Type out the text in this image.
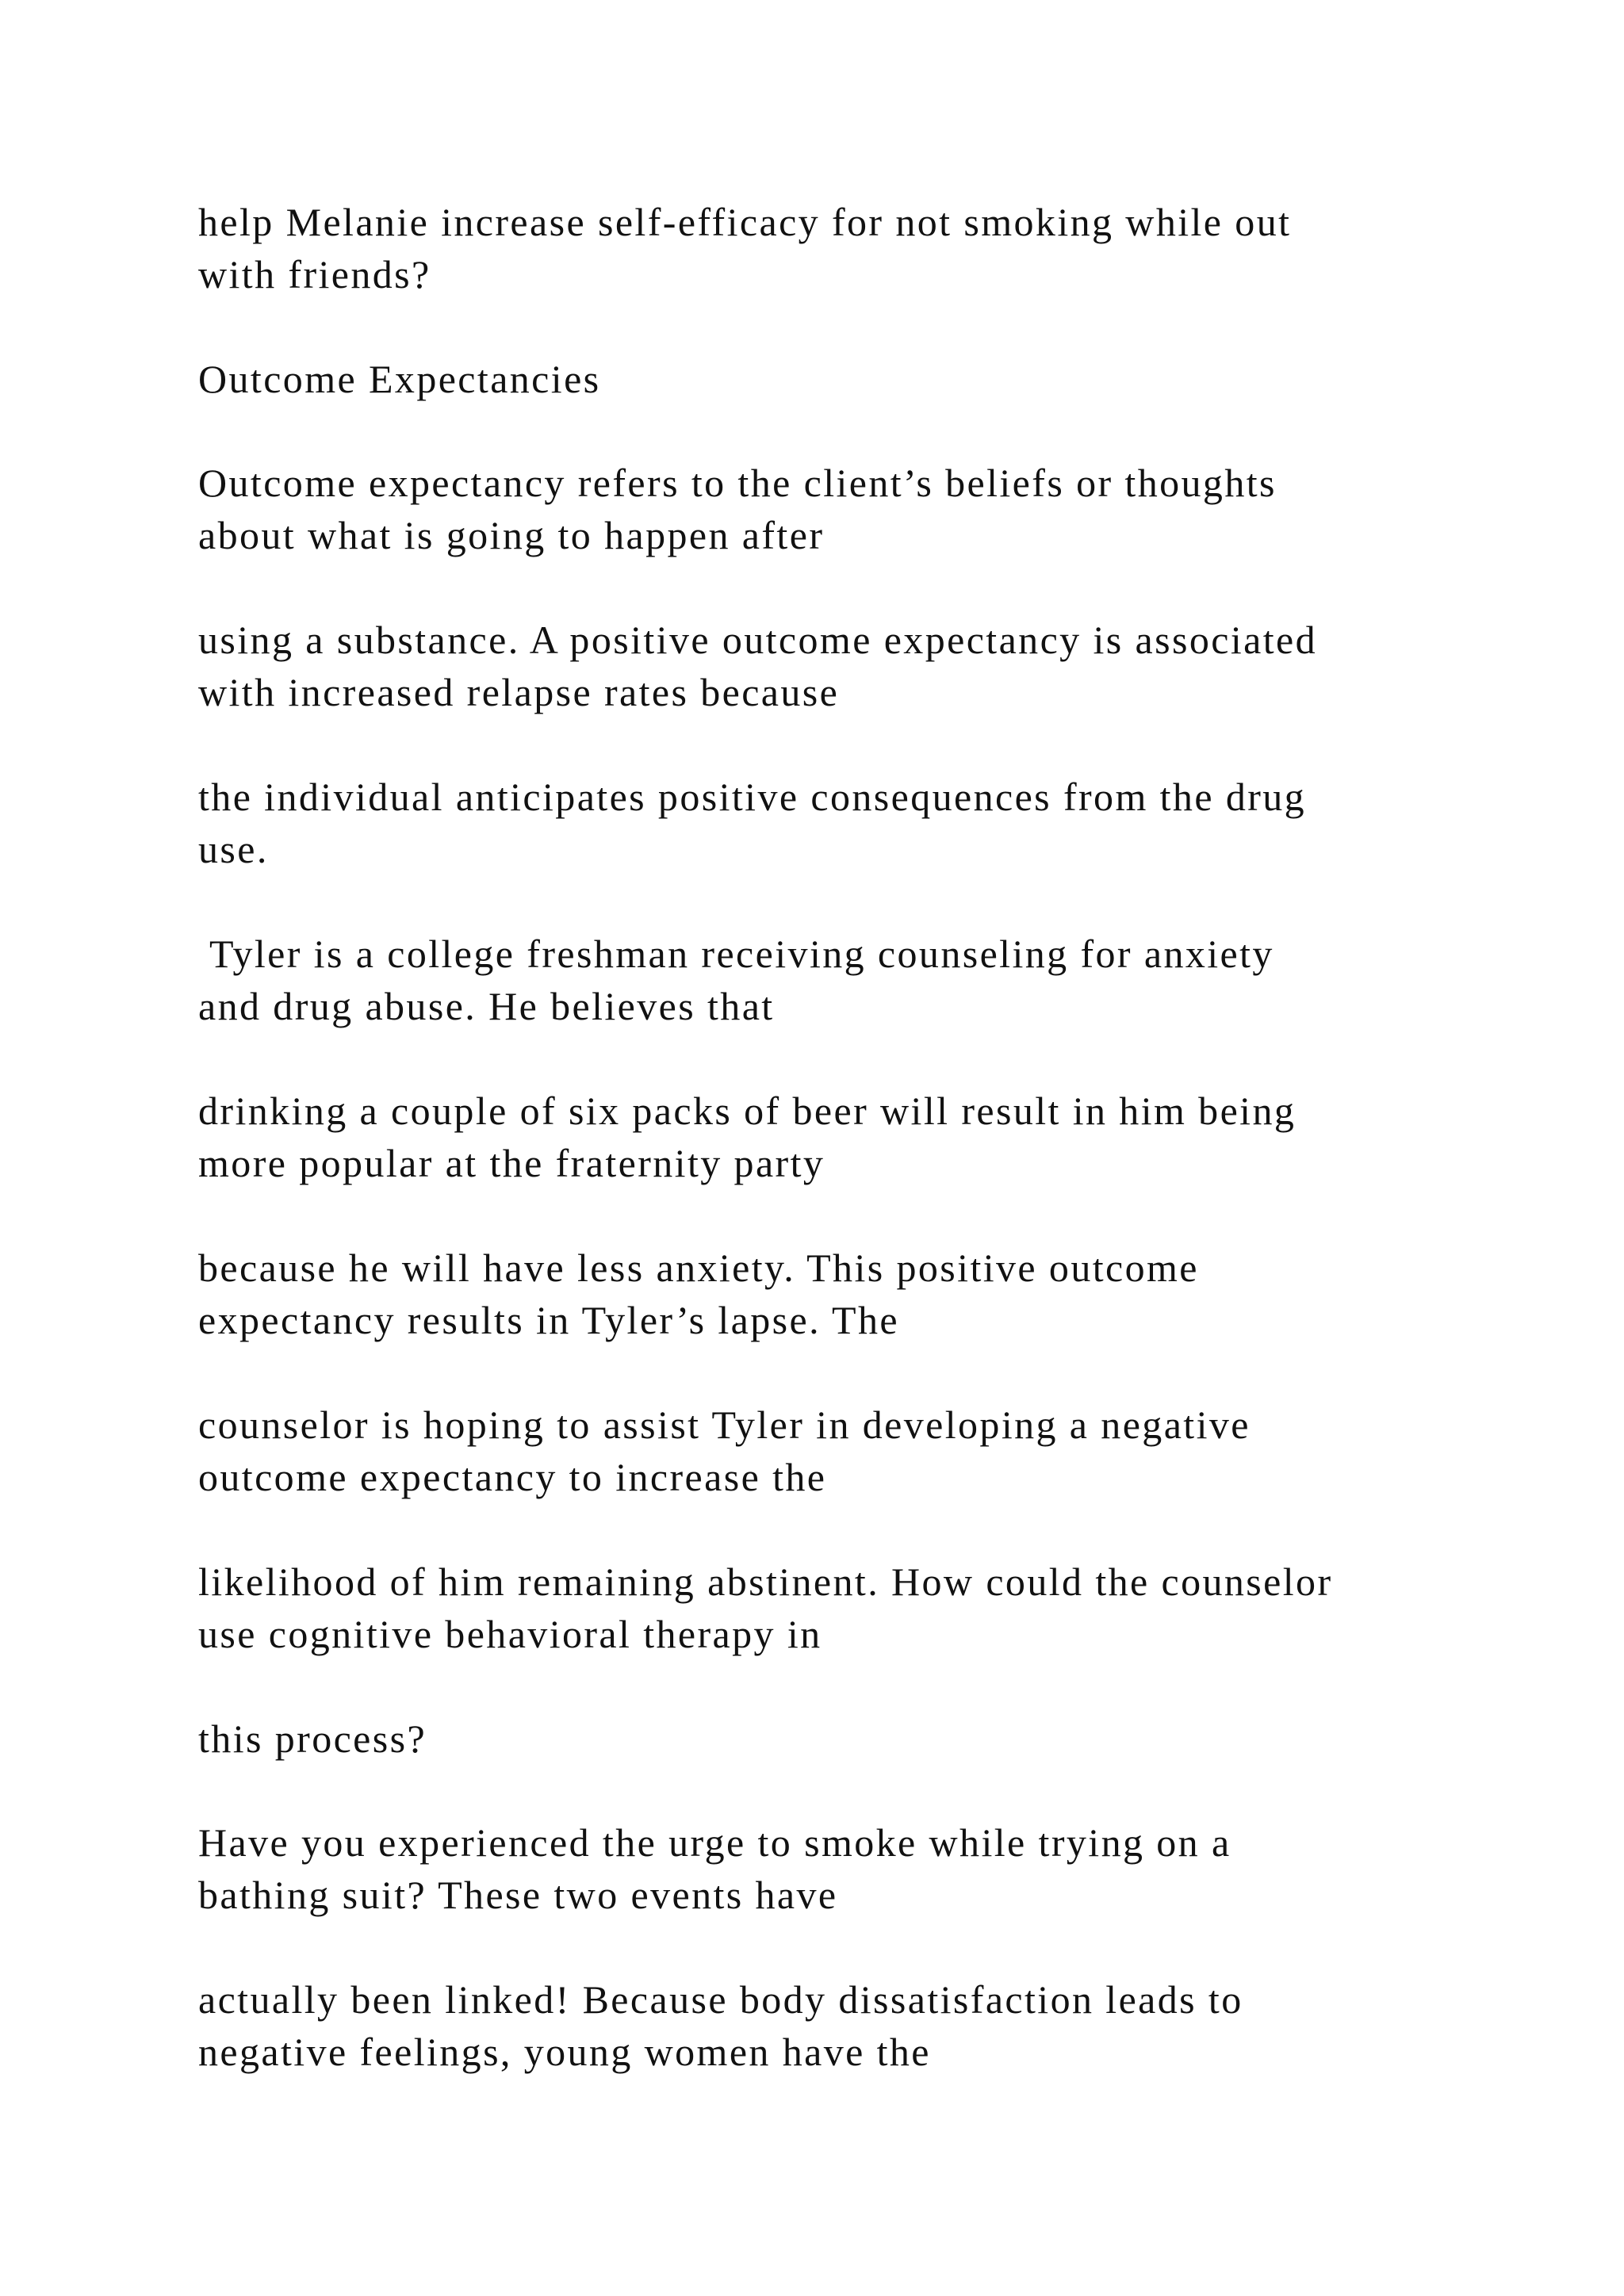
help Melanie increase self-efficacy for not smoking while out
with friends?

Outcome Expectancies

Outcome expectancy refers to the client’s beliefs or thoughts
about what is going to happen after

using a substance. A positive outcome expectancy is associated
with increased relapse rates because

the individual anticipates positive consequences from the drug
use.

Tyler is a college freshman receiving counseling for anxiety
and drug abuse. He believes that

drinking a couple of six packs of beer will result in him being
more popular at the fraternity party

because he will have less anxiety. This positive outcome
expectancy results in Tyler’s lapse. The

counselor is hoping to assist Tyler in developing a negative
outcome expectancy to increase the

likelihood of him remaining abstinent. How could the counselor
use cognitive behavioral therapy in

this process?

Have you experienced the urge to smoke while trying on a
bathing suit? These two events have

actually been linked! Because body dissatisfaction leads to
negative feelings, young women have the
